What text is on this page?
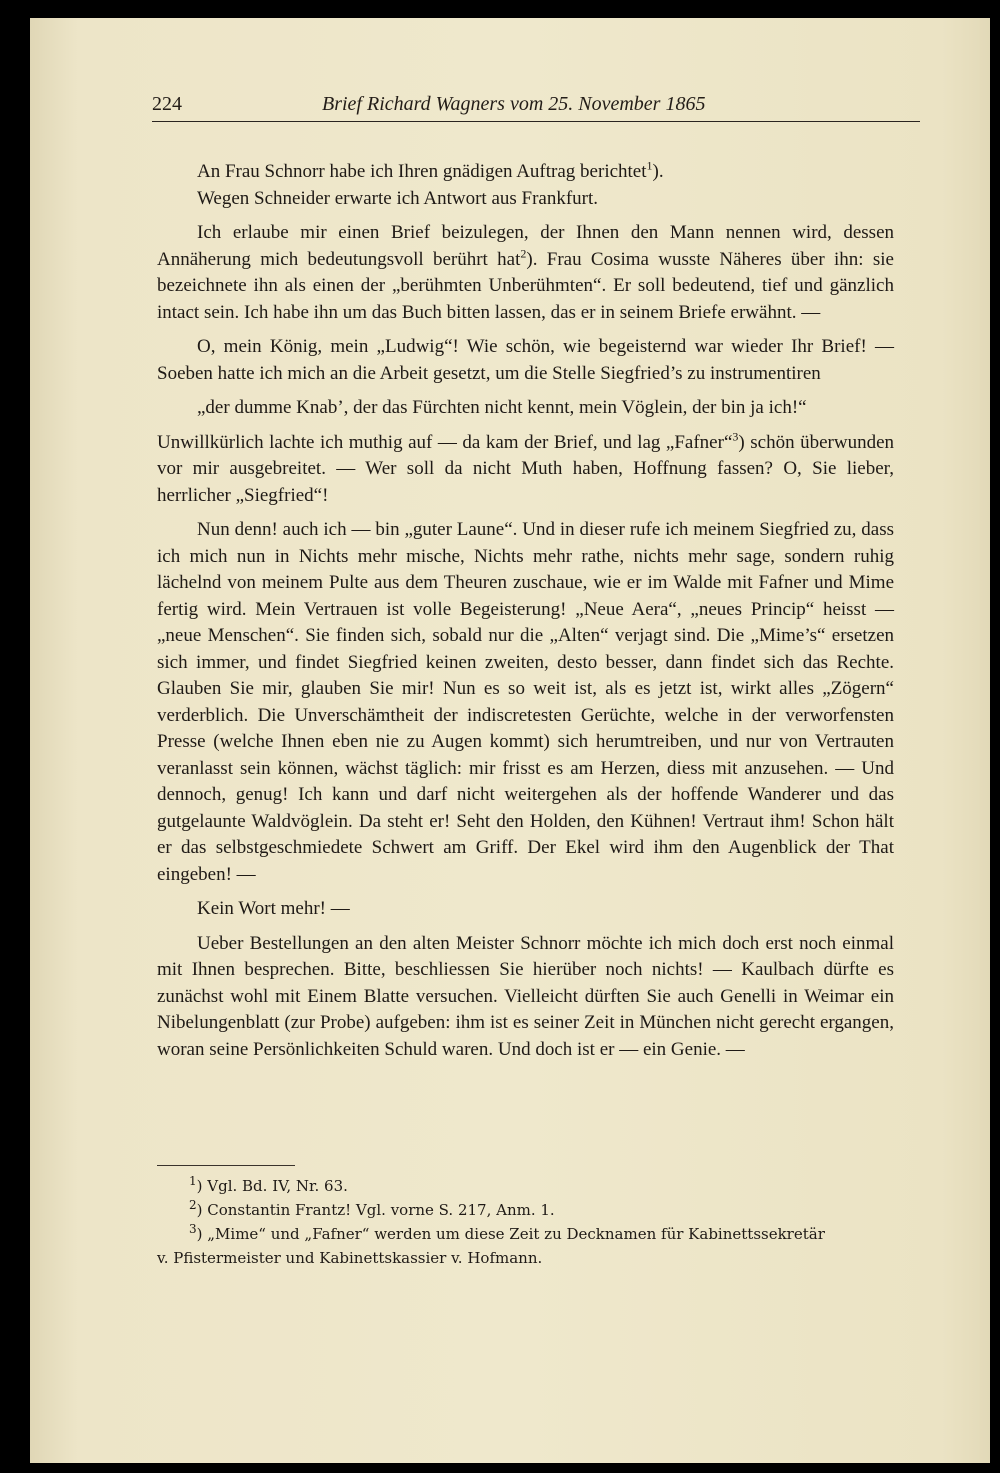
224	Brief Richard Wagners vom 25. November 1865

An Frau Schnorr habe ich Ihren gnädigen Auftrag berichtet$^1$).

Wegen Schneider erwarte ich Antwort aus Frankfurt.

Ich erlaube mir einen Brief beizulegen, der Ihnen den Mann nennen wird, dessen Annäherung mich bedeutungsvoll berührt hat$^2$). Frau Cosima wusste Näheres über ihn: sie bezeichnete ihn als einen der „berühmten Unberühmten“. Er soll bedeutend, tief und gänzlich intact sein. Ich habe ihn um das Buch bitten lassen, das er in seinem Briefe erwähnt. —

O, mein König, mein „Ludwig“! Wie schön, wie begeisternd war wieder Ihr Brief! — Soeben hatte ich mich an die Arbeit gesetzt, um die Stelle Siegfried’s zu instrumentiren

„der dumme Knab’, der das Fürchten nicht kennt, mein Vöglein, der bin ja ich!“

Unwillkürlich lachte ich muthig auf — da kam der Brief, und lag „Fafner“$^3$) schön überwunden vor mir ausgebreitet. — Wer soll da nicht Muth haben, Hoffnung fassen? O, Sie lieber, herrlicher „Siegfried“!

Nun denn! auch ich — bin „guter Laune“. Und in dieser rufe ich meinem Siegfried zu, dass ich mich nun in Nichts mehr mische, Nichts mehr rathe, nichts mehr sage, sondern ruhig lächelnd von meinem Pulte aus dem Theuren zuschaue, wie er im Walde mit Fafner und Mime fertig wird. Mein Vertrauen ist volle Begeisterung! „Neue Aera“, „neues Princip“ heisst — „neue Menschen“. Sie finden sich, sobald nur die „Alten“ verjagt sind. Die „Mime’s“ ersetzen sich immer, und findet Siegfried keinen zweiten, desto besser, dann findet sich das Rechte. Glauben Sie mir, glauben Sie mir! Nun es so weit ist, als es jetzt ist, wirkt alles „Zögern“ verderblich. Die Unverschämtheit der indiscretesten Gerüchte, welche in der verworfensten Presse (welche Ihnen eben nie zu Augen kommt) sich herumtreiben, und nur von Vertrauten veranlasst sein können, wächst täglich: mir frisst es am Herzen, diess mit anzusehen. — Und dennoch, genug! Ich kann und darf nicht weitergehen als der hoffende Wanderer und das gutgelaunte Waldvöglein. Da steht er! Seht den Holden, den Kühnen! Vertraut ihm! Schon hält er das selbstgeschmiedete Schwert am Griff. Der Ekel wird ihm den Augenblick der That eingeben! —

Kein Wort mehr! —

Ueber Bestellungen an den alten Meister Schnorr möchte ich mich doch erst noch einmal mit Ihnen besprechen. Bitte, beschliessen Sie hierüber noch nichts! — Kaulbach dürfte es zunächst wohl mit Einem Blatte versuchen. Vielleicht dürften Sie auch Genelli in Weimar ein Nibelungenblatt (zur Probe) aufgeben: ihm ist es seiner Zeit in München nicht gerecht ergangen, woran seine Persönlichkeiten Schuld waren. Und doch ist er — ein Genie. —

$^1$) Vgl. Bd. IV, Nr. 63.
$^2$) Constantin Frantz! Vgl. vorne S. 217, Anm. 1.
$^3$) „Mime“ und „Fafner“ werden um diese Zeit zu Decknamen für Kabinettssekretär
v. Pfistermeister und Kabinettskassier v. Hofmann.
